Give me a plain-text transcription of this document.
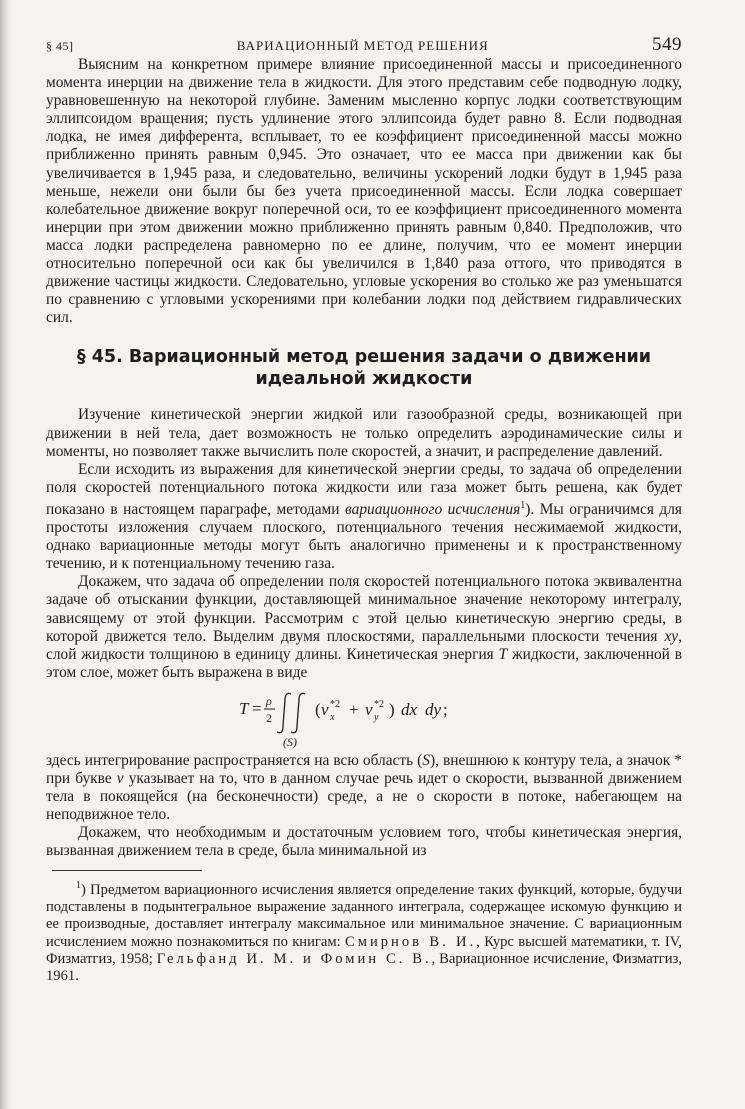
§ 45]	ВАРИАЦИОННЫЙ МЕТОД РЕШЕНИЯ	549

Выясним на конкретном примере влияние присоединенной массы и присоединенного момента инерции на движение тела в жидкости. Для этого представим себе подводную лодку, уравновешенную на некоторой глубине. Заменим мысленно корпус лодки соответствующим эллипсоидом вращения; пусть удлинение этого эллипсоида будет равно 8. Если подводная лодка, не имея дифферента, всплывает, то ее коэффициент присоединенной массы можно приближенно принять равным 0,945. Это означает, что ее масса при движении как бы увеличивается в 1,945 раза, и следовательно, величины ускорений лодки будут в 1,945 раза меньше, нежели они были бы без учета присоединенной массы. Если лодка совершает колебательное движение вокруг поперечной оси, то ее коэффициент присоединенного момента инерции при этом движении можно приближенно принять равным 0,840. Предположив, что масса лодки распределена равномерно по ее длине, получим, что ее момент инерции относительно поперечной оси как бы увеличился в 1,840 раза оттого, что приводятся в движение частицы жидкости. Следовательно, угловые ускорения во столько же раз уменьшатся по сравнению с угловыми ускорениями при колебании лодки под действием гидравлических сил.

§ 45. Вариационный метод решения задачи о движении
идеальной жидкости

Изучение кинетической энергии жидкой или газообразной среды, возникающей при движении в ней тела, дает возможность не только определить аэродинамические силы и моменты, но позволяет также вычислить поле скоростей, а значит, и распределение давлений.

Если исходить из выражения для кинетической энергии среды, то задача об определении поля скоростей потенциального потока жидкости или газа может быть решена, как будет показано в настоящем параграфе, методами вариационного исчисления$^1$). Мы ограничимся для простоты изложения случаем плоского, потенциального течения несжимаемой жидкости, однако вариационные методы могут быть аналогично применены и к пространственному течению, и к потенциальному течению газа.

Докажем, что задача об определении поля скоростей потенциального потока эквивалентна задаче об отыскании функции, доставляющей минимальное значение некоторому интегралу, зависящему от этой функции. Рассмотрим с этой целью кинетическую энергию среды, в которой движется тело. Выделим двумя плоскостями, параллельными плоскости течения xy, слой жидкости толщиною в единицу длины. Кинетическая энергия T жидкости, заключенной в этом слое, может быть выражена в виде

T = ρ
2
(S)
( v *2
x + v *2
y ) dx dy ;

здесь интегрирование распространяется на всю область (S), внешнюю к контуру тела, а значок * при букве v указывает на то, что в данном случае речь идет о скорости, вызванной движением тела в покоящейся (на бесконечности) среде, а не о скорости в потоке, набегающем на неподвижное тело.

Докажем, что необходимым и достаточным условием того, чтобы кинетическая энергия, вызванная движением тела в среде, была минимальной из

$^1$) Предметом вариационного исчисления является определение таких функций, которые, будучи подставлены в подынтегральное выражение заданного интеграла, содержащее искомую функцию и ее производные, доставляет интегралу максимальное или минимальное значение. С вариационным исчислением можно познакомиться по книгам: Смирнов В. И., Курс высшей математики, т. IV, Физматгиз, 1958; Гельфанд И. М. и Фомин С. В., Вариационное исчисление, Физматгиз, 1961.
